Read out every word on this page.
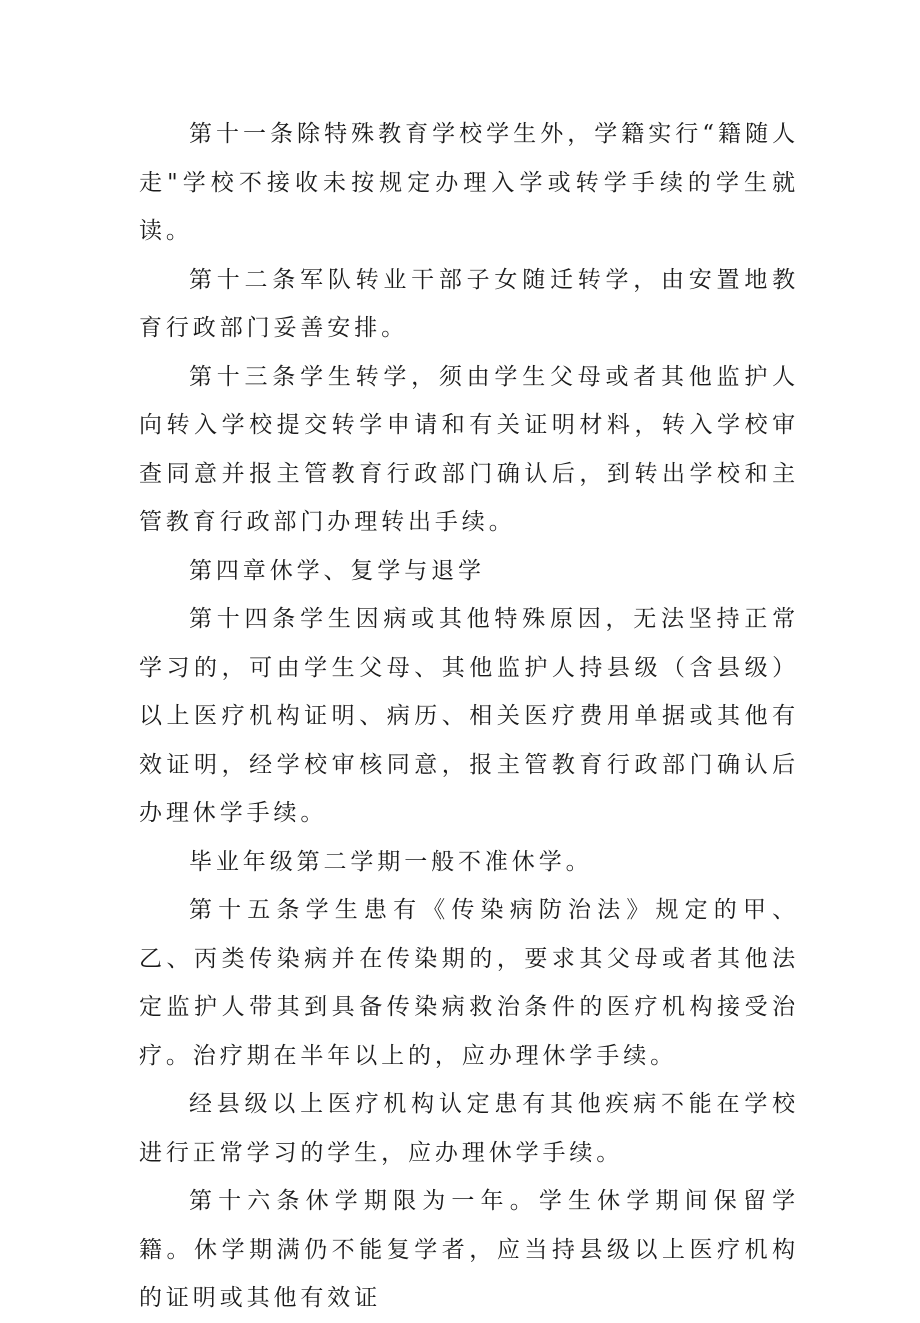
第十一条除特殊教育学校学生外，学籍实行“籍随人走"学校不接收未按规定办理入学或转学手续的学生就读。

第十二条军队转业干部子女随迁转学，由安置地教育行政部门妥善安排。

第十三条学生转学，须由学生父母或者其他监护人向转入学校提交转学申请和有关证明材料，转入学校审查同意并报主管教育行政部门确认后，到转出学校和主管教育行政部门办理转出手续。

第四章休学、复学与退学

第十四条学生因病或其他特殊原因，无法坚持正常学习的，可由学生父母、其他监护人持县级（含县级）以上医疗机构证明、病历、相关医疗费用单据或其他有效证明，经学校审核同意，报主管教育行政部门确认后办理休学手续。

毕业年级第二学期一般不准休学。

第十五条学生患有《传染病防治法》规定的甲、乙、丙类传染病并在传染期的，要求其父母或者其他法定监护人带其到具备传染病救治条件的医疗机构接受治疗。治疗期在半年以上的，应办理休学手续。

经县级以上医疗机构认定患有其他疾病不能在学校进行正常学习的学生，应办理休学手续。

第十六条休学期限为一年。学生休学期间保留学籍。休学期满仍不能复学者，应当持县级以上医疗机构的证明或其他有效证
